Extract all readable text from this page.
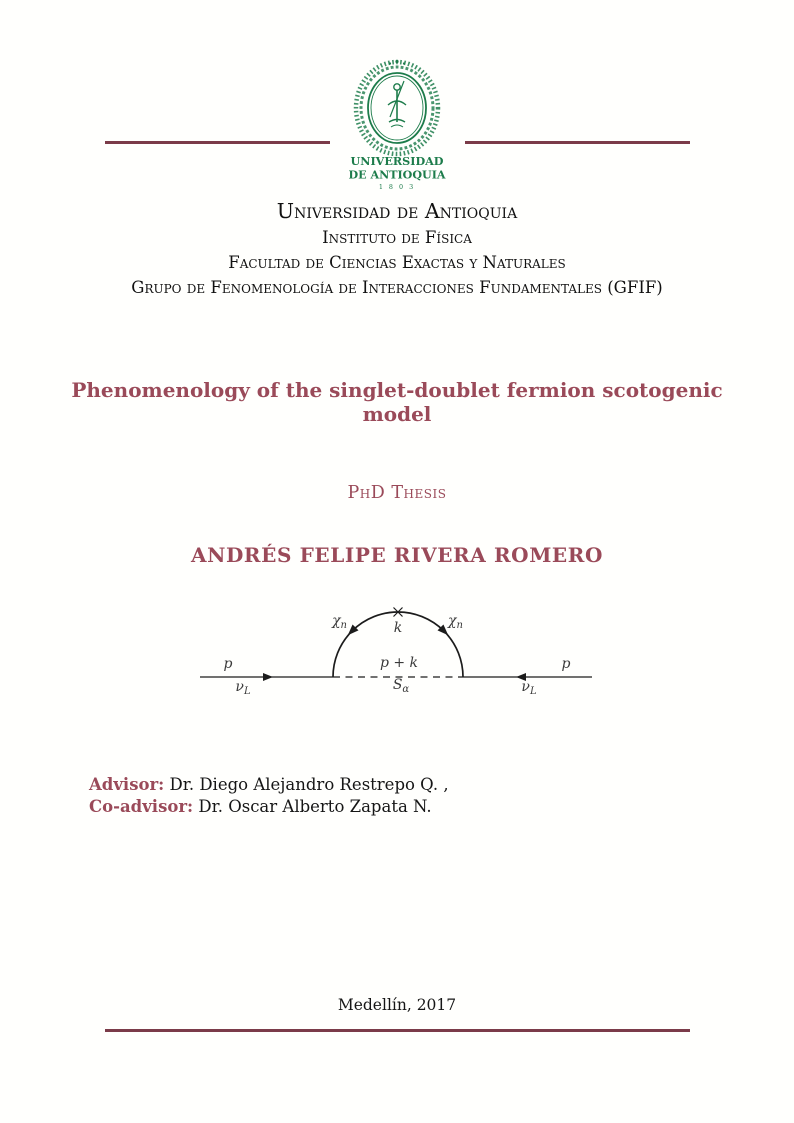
UNIVERSIDAD
DE ANTIOQUIA
1 8 0 3
Universidad de Antioquia
Instituto de Física
Facultad de Ciencias Exactas y Naturales
Grupo de Fenomenología de Interacciones Fundamentales (GFIF)
Phenomenology of the singlet-doublet fermion scotogenic model
PhD Thesis
ANDRÉS FELIPE RIVERA ROMERO
$\chi_n$	$\chi_n$
k
p + k
$S_\alpha$
p	p
$\nu_L$	$\nu_L$
Advisor: Dr. Diego Alejandro Restrepo Q. ,
Co-advisor: Dr. Oscar Alberto Zapata N.
Medellín, 2017
